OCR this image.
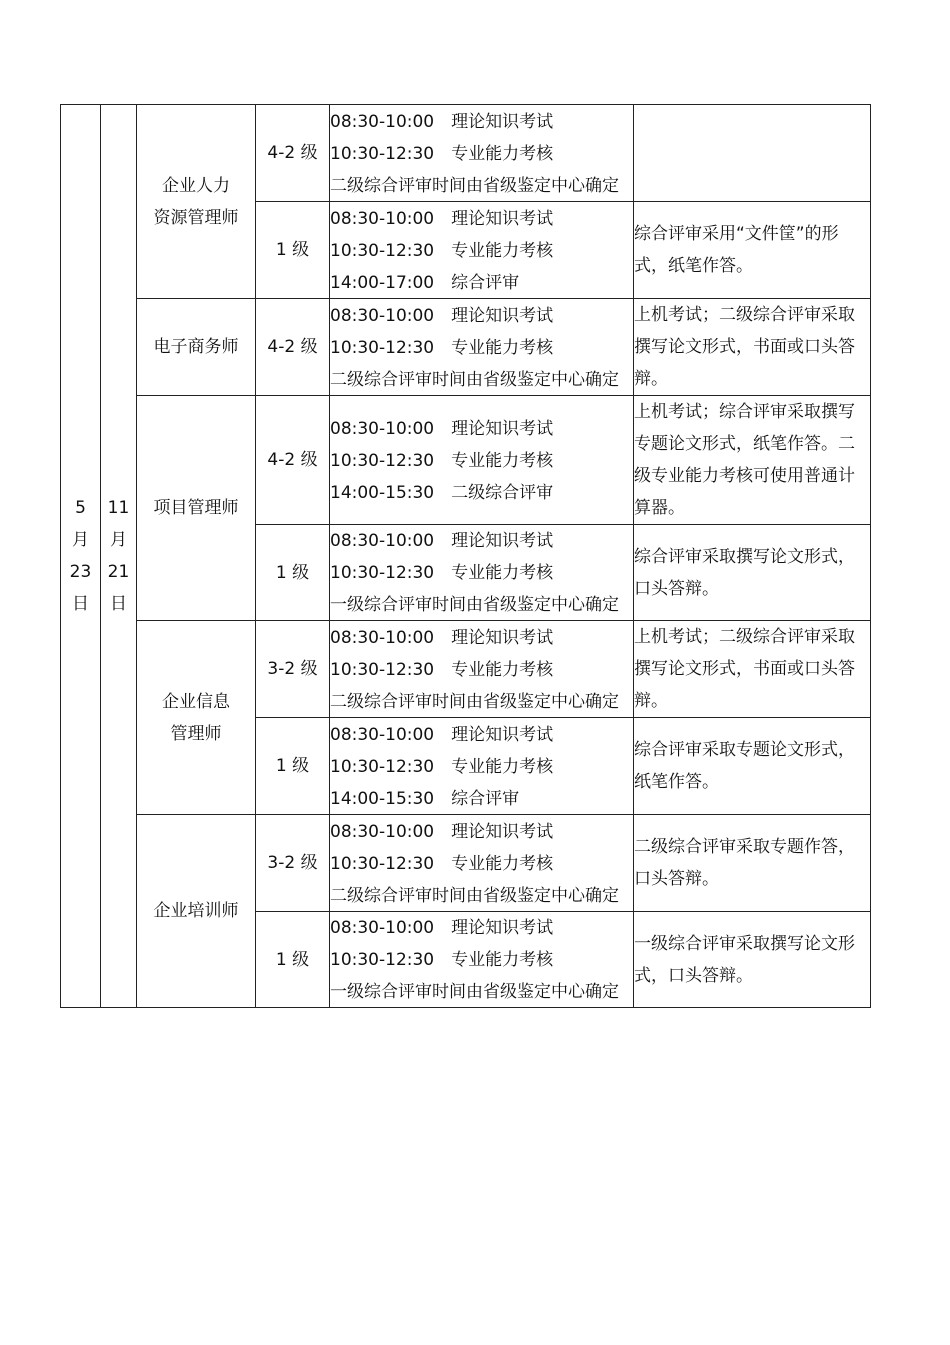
5
月
23
日	11
月
21
日	企业人力
资源管理师	4-2 级	08:30-10:00　理论知识考试
10:30-12:30　专业能力考核
二级综合评审时间由省级鉴定中心确定	

			1 级	08:30-10:00　理论知识考试
10:30-12:30　专业能力考核
14:00-17:00　综合评审	综合评审采用“文件筐”的形式，纸笔作答。
		电子商务师	4-2 级	08:30-10:00　理论知识考试
10:30-12:30　专业能力考核
二级综合评审时间由省级鉴定中心确定	上机考试；二级综合评审采取撰写论文形式，书面或口头答辩。
		项目管理师	4-2 级	08:30-10:00　理论知识考试
10:30-12:30　专业能力考核
14:00-15:30　二级综合评审	上机考试；综合评审采取撰写专题论文形式，纸笔作答。二级专业能力考核可使用普通计算器。
			1 级	08:30-10:00　理论知识考试
10:30-12:30　专业能力考核
一级综合评审时间由省级鉴定中心确定	综合评审采取撰写论文形式，口头答辩。
		企业信息
管理师	3-2 级	08:30-10:00　理论知识考试
10:30-12:30　专业能力考核
二级综合评审时间由省级鉴定中心确定	上机考试；二级综合评审采取撰写论文形式，书面或口头答辩。
			1 级	08:30-10:00　理论知识考试
10:30-12:30　专业能力考核
14:00-15:30　综合评审	综合评审采取专题论文形式，纸笔作答。
		企业培训师	3-2 级	08:30-10:00　理论知识考试
10:30-12:30　专业能力考核
二级综合评审时间由省级鉴定中心确定	二级综合评审采取专题作答，口头答辩。
			1 级	08:30-10:00　理论知识考试
10:30-12:30　专业能力考核
一级综合评审时间由省级鉴定中心确定	一级综合评审采取撰写论文形式，口头答辩。
